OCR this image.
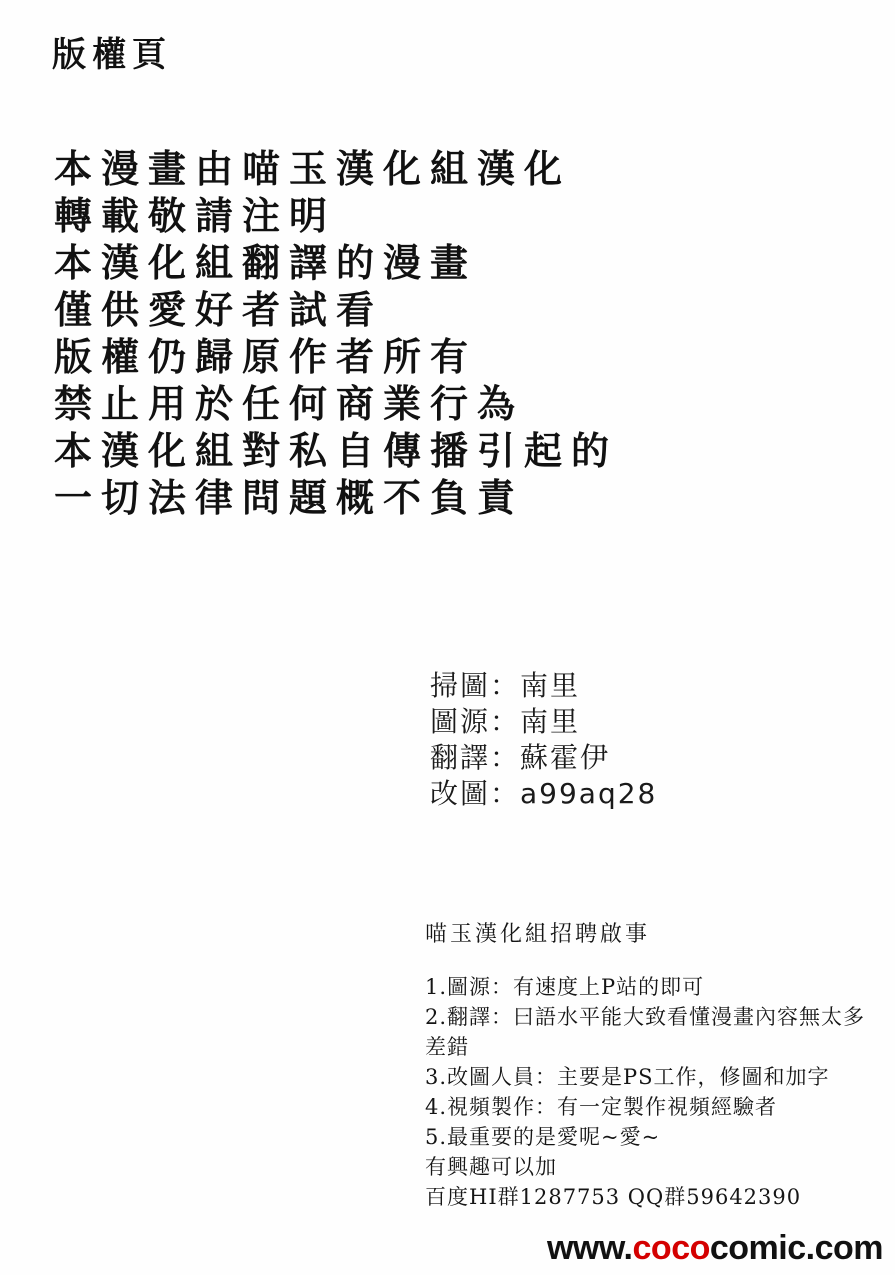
版權頁
本漫畫由喵玉漢化組漢化
轉載敬請注明
本漢化組翻譯的漫畫
僅供愛好者試看
版權仍歸原作者所有
禁止用於任何商業行為
本漢化組對私自傳播引起的
一切法律問題概不負責
掃圖：南里
圖源：南里
翻譯：蘇霍伊
改圖：a99aq28

喵玉漢化組招聘啟事

1.圖源：有速度上P站的即可
2.翻譯：曰語水平能大致看懂漫畫內容無太多差錯
3.改圖人員：主要是PS工作，修圖和加字
4.視頻製作：有一定製作視頻經驗者
5.最重要的是愛呢~愛~

有興趣可以加

百度HI群1287753 QQ群59642390

www.cococomic.com
